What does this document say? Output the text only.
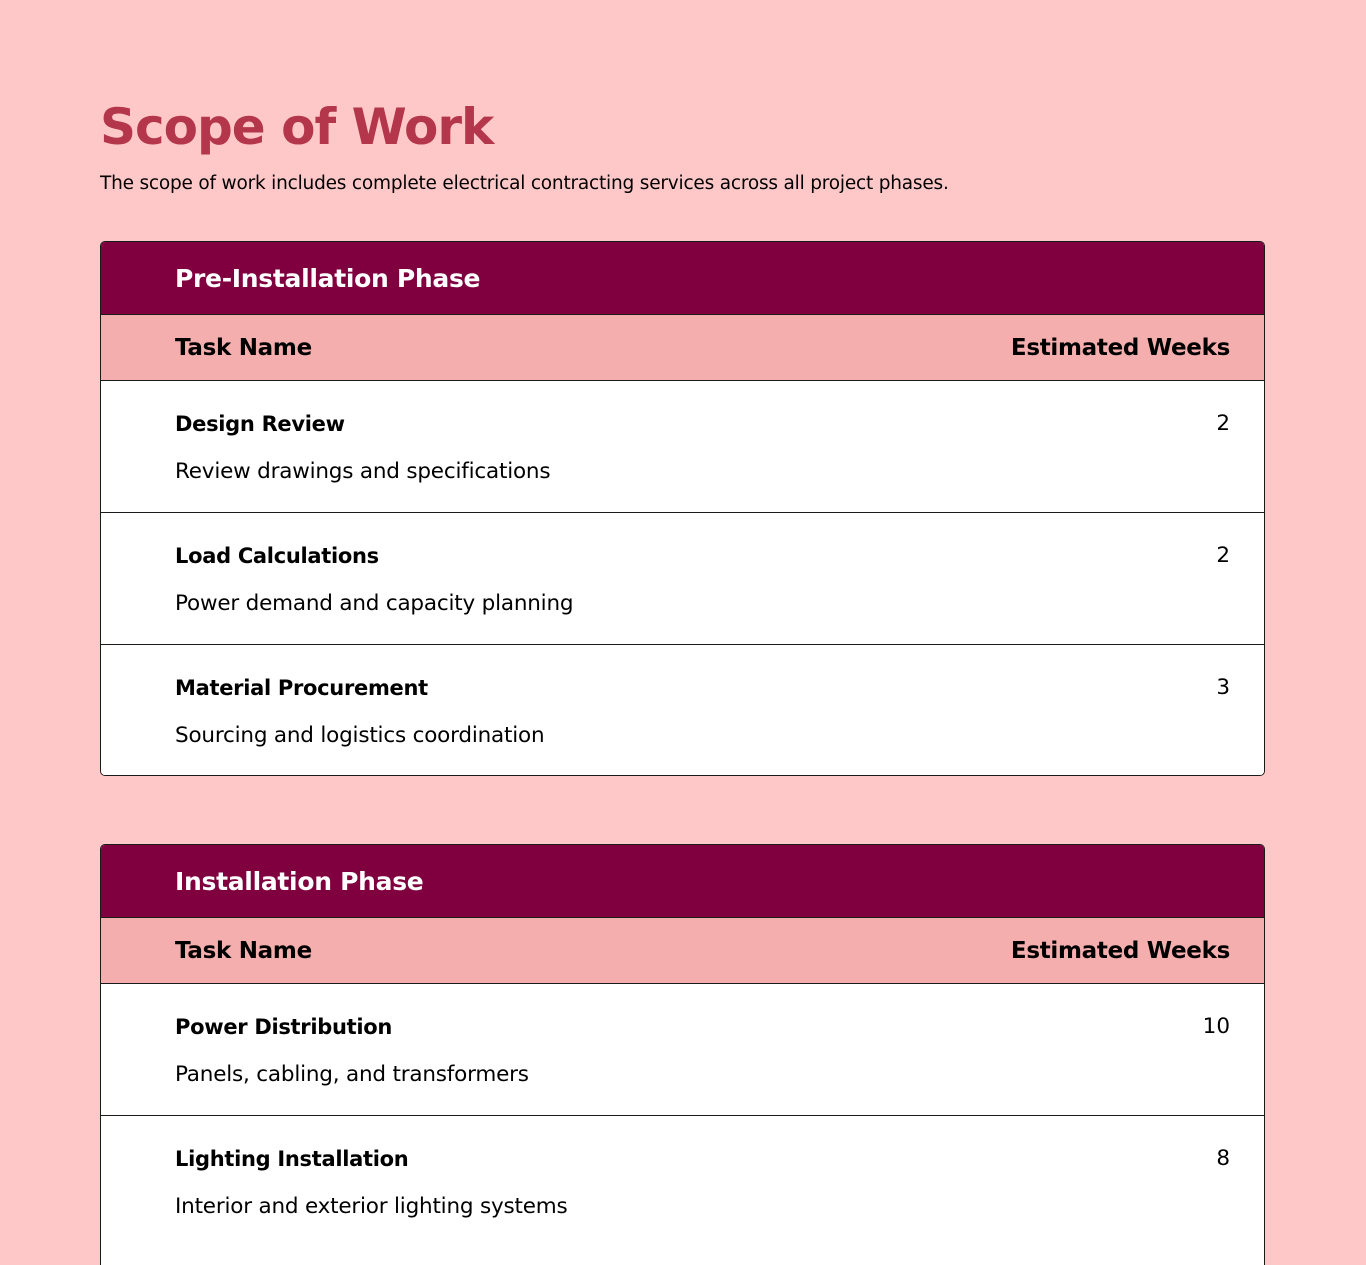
Scope of Work

The scope of work includes complete electrical contracting services across all project phases.

Pre-Installation Phase
Task Name	Estimated Weeks
Design Review
Review drawings and specifications
2
Load Calculations
Power demand and capacity planning
2
Material Procurement
Sourcing and logistics coordination
3
Installation Phase
Task Name	Estimated Weeks
Power Distribution
Panels, cabling, and transformers
10
Lighting Installation
Interior and exterior lighting systems
8
